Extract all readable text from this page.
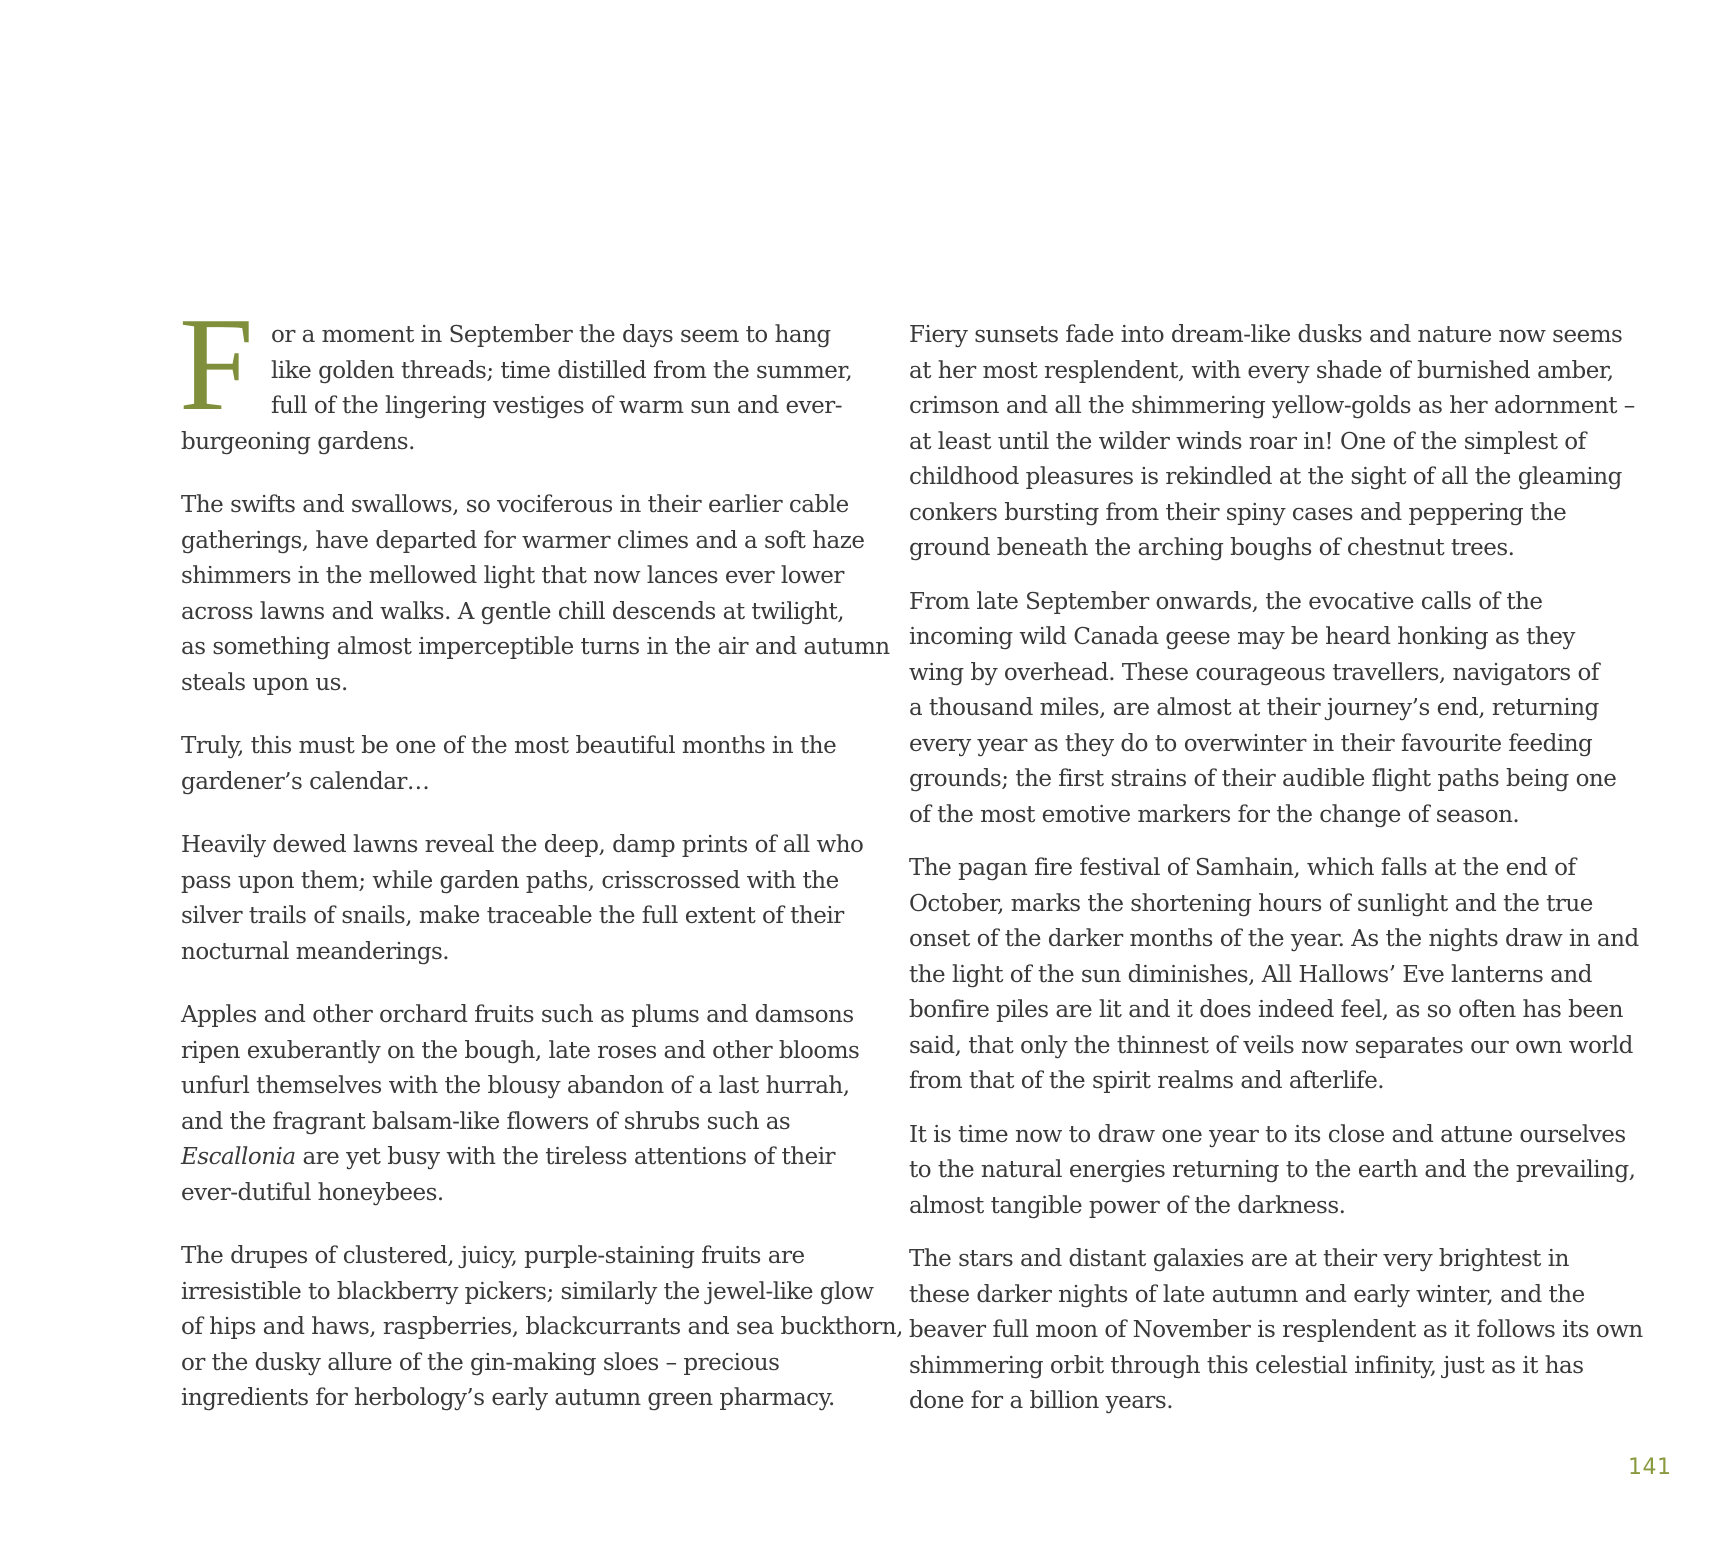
F or a moment in September the days seem to hang
like golden threads; time distilled from the summer,
full of the lingering vestiges of warm sun and ever-
burgeoning gardens.
The swifts and swallows, so vociferous in their earlier cable
gatherings, have departed for warmer climes and a soft haze
shimmers in the mellowed light that now lances ever lower
across lawns and walks. A gentle chill descends at twilight,
as something almost imperceptible turns in the air and autumn
steals upon us.
Truly, this must be one of the most beautiful months in the
gardener’s calendar…
Heavily dewed lawns reveal the deep, damp prints of all who
pass upon them; while garden paths, crisscrossed with the
silver trails of snails, make traceable the full extent of their
nocturnal meanderings.
Apples and other orchard fruits such as plums and damsons
ripen exuberantly on the bough, late roses and other blooms
unfurl themselves with the blousy abandon of a last hurrah,
and the fragrant balsam-like flowers of shrubs such as
Escallonia are yet busy with the tireless attentions of their
ever-dutiful honeybees.
The drupes of clustered, juicy, purple-staining fruits are
irresistible to blackberry pickers; similarly the jewel-like glow
of hips and haws, raspberries, blackcurrants and sea buckthorn,
or the dusky allure of the gin-making sloes – precious
ingredients for herbology’s early autumn green pharmacy.
Fiery sunsets fade into dream-like dusks and nature now seems
at her most resplendent, with every shade of burnished amber,
crimson and all the shimmering yellow-golds as her adornment –
at least until the wilder winds roar in! One of the simplest of
childhood pleasures is rekindled at the sight of all the gleaming
conkers bursting from their spiny cases and peppering the
ground beneath the arching boughs of chestnut trees.
From late September onwards, the evocative calls of the
incoming wild Canada geese may be heard honking as they
wing by overhead. These courageous travellers, navigators of
a thousand miles, are almost at their journey’s end, returning
every year as they do to overwinter in their favourite feeding
grounds; the first strains of their audible flight paths being one
of the most emotive markers for the change of season.
The pagan fire festival of Samhain, which falls at the end of
October, marks the shortening hours of sunlight and the true
onset of the darker months of the year. As the nights draw in and
the light of the sun diminishes, All Hallows’ Eve lanterns and
bonfire piles are lit and it does indeed feel, as so often has been
said, that only the thinnest of veils now separates our own world
from that of the spirit realms and afterlife.
It is time now to draw one year to its close and attune ourselves
to the natural energies returning to the earth and the prevailing,
almost tangible power of the darkness.
The stars and distant galaxies are at their very brightest in
these darker nights of late autumn and early winter, and the
beaver full moon of November is resplendent as it follows its own
shimmering orbit through this celestial infinity, just as it has
done for a billion years.
141
